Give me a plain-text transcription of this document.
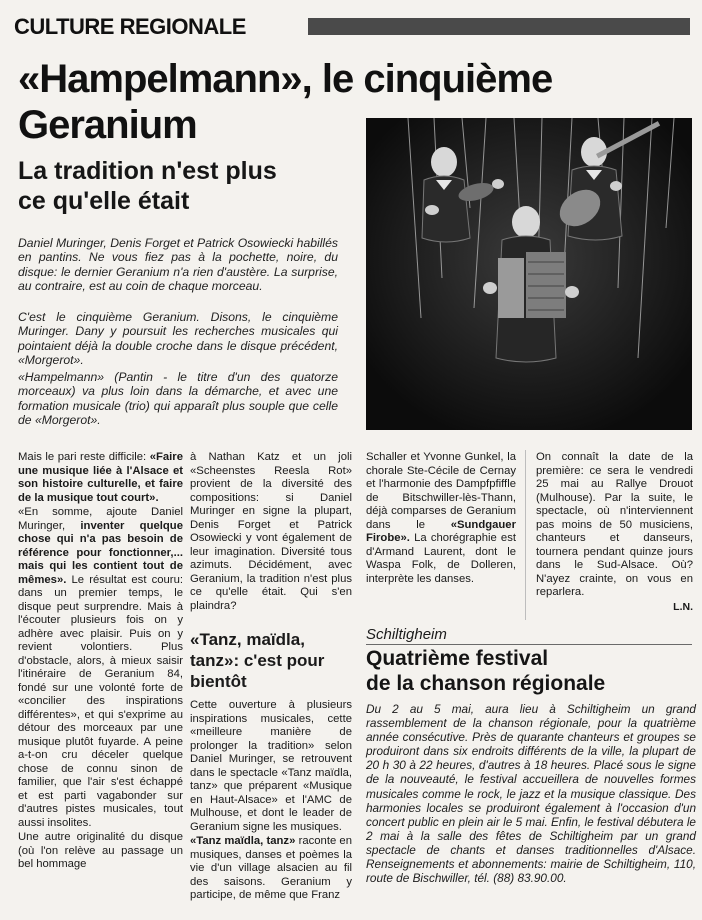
CULTURE REGIONALE
«Hampelmann», le cinquième
Geranium
La tradition n'est plus
ce qu'elle était

Daniel Muringer, Denis Forget et Patrick Osowiecki habillés en pantins. Ne vous fiez pas à la pochette, noire, du disque: le dernier Geranium n'a rien d'austère. La surprise, au contraire, est au coin de chaque morceau.

C'est le cinquième Geranium. Disons, le cinquième Muringer. Dany y poursuit les recherches musicales qui pointaient déjà la double croche dans le disque précédent, «Morgerot».

«Hampelmann» (Pantin - le titre d'un des quatorze morceaux) va plus loin dans la démarche, et avec une formation musicale (trio) qui apparaît plus souple que celle de «Morgerot».

Mais le pari reste difficile: «Faire une musique liée à l'Alsace et son histoire culturelle, et faire de la musique tout court».

«En somme, ajoute Daniel Muringer, inventer quelque chose qui n'a pas besoin de référence pour fonctionner,... mais qui les contient tout de mêmes». Le résultat est couru: dans un premier temps, le disque peut surprendre. Mais à l'écouter plusieurs fois on y adhère avec plaisir. Puis on y revient volontiers. Plus d'obstacle, alors, à mieux saisir l'itinéraire de Geranium 84, fondé sur une volonté forte de «concilier des inspirations différentes», et qui s'exprime au détour des morceaux par une musique plutôt fuyarde. A peine a-t-on cru déceler quelque chose de connu sinon de familier, que l'air s'est échappé et est parti vagabonder sur d'autres pistes musicales, tout aussi insolites.

Une autre originalité du disque (où l'on relève au passage un bel hommage

à Nathan Katz et un joli «Scheenstes Reesla Rot» provient de la diversité des compositions: si Daniel Muringer en signe la plupart, Denis Forget et Patrick Osowiecki y vont également de leur imagination. Diversité tous azimuts. Décidément, avec Geranium, la tradition n'est plus ce qu'elle était. Qui s'en plaindra?

«Tanz, maïdla, tanz»: c'est pour bientôt

Cette ouverture à plusieurs inspirations musicales, cette «meilleure manière de prolonger la tradition» selon Daniel Muringer, se retrouvent dans le spectacle «Tanz maïdla, tanz» que préparent «Musique en Haut-Alsace» et l'AMC de Mulhouse, et dont le leader de Geranium signe les musiques.

«Tanz maïdla, tanz» raconte en musiques, danses et poèmes la vie d'un village alsacien au fil des saisons. Geranium y participe, de même que Franz

Schaller et Yvonne Gunkel, la chorale Ste-Cécile de Cernay et l'harmonie des Dampfpfiffle de Bitschwiller-lès-Thann, déjà comparses de Geranium dans le «Sundgauer Firobe». La chorégraphie est d'Armand Laurent, dont le Waspa Folk, de Dolleren, interprète les danses.

On connaît la date de la première: ce sera le vendredi 25 mai au Rallye Drouot (Mulhouse). Par la suite, le spectacle, où n'interviennent pas moins de 50 musiciens, chanteurs et danseurs, tournera pendant quinze jours dans le Sud-Alsace. Où? N'ayez crainte, on vous en reparlera.

L.N.
Schiltigheim
Quatrième festival
de la chanson régionale

Du 2 au 5 mai, aura lieu à Schiltigheim un grand rassemblement de la chanson régionale, pour la quatrième année consécutive. Près de quarante chanteurs et groupes se produiront dans six endroits différents de la ville, la plupart de 20 h 30 à 22 heures, d'autres à 18 heures. Placé sous le signe de la nouveauté, le festival accueillera de nouvelles formes musicales comme le rock, le jazz et la musique classique. Des harmonies locales se produiront également à l'occasion d'un concert public en plein air le 5 mai. Enfin, le festival débutera le 2 mai à la salle des fêtes de Schiltigheim par un grand spectacle de chants et danses traditionnelles d'Alsace. Renseignements et abonnements: mairie de Schiltigheim, 110, route de Bischwiller, tél. (88) 83.90.00.
